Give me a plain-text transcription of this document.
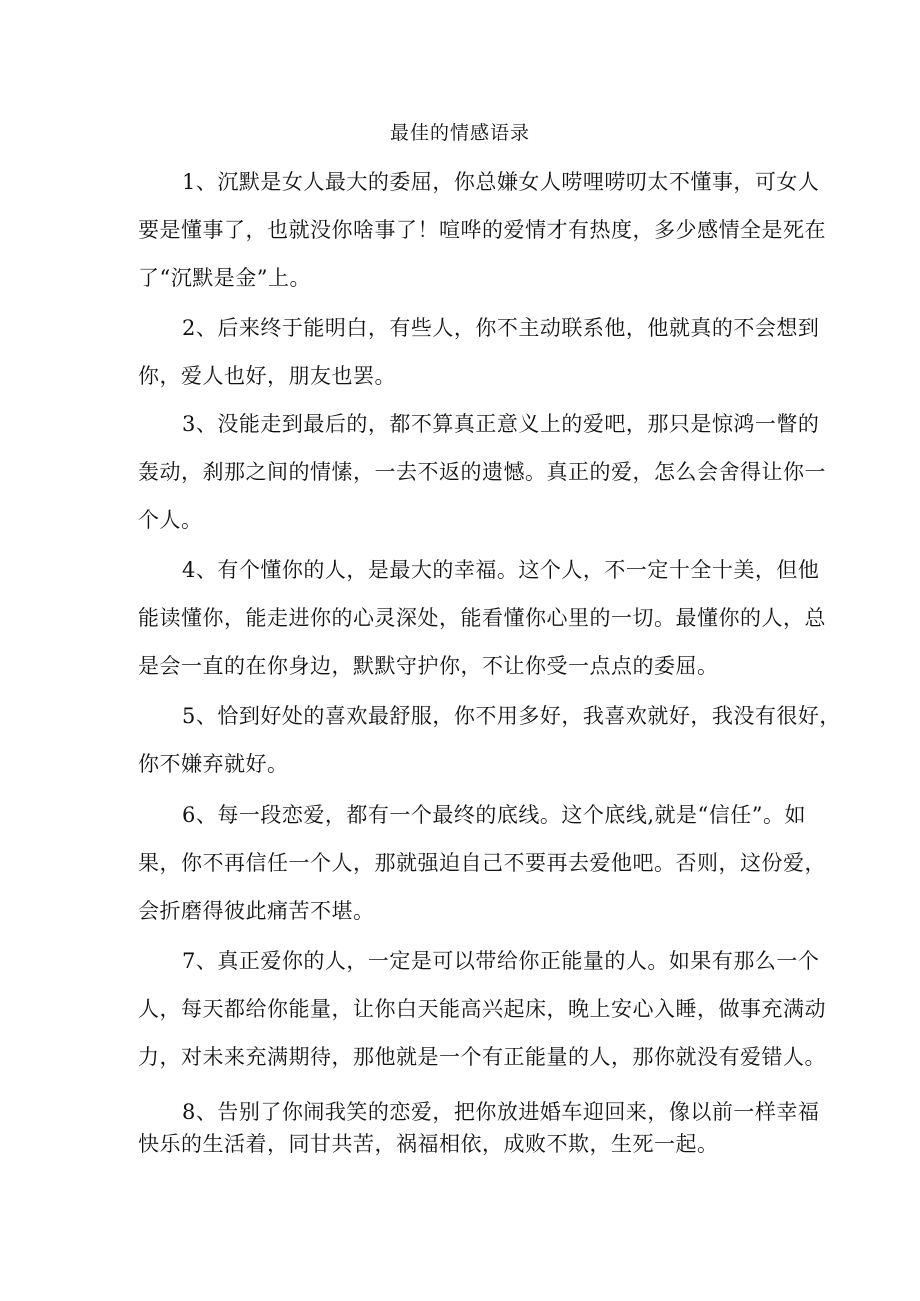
最佳的情感语录
1、沉默是女人最大的委屈，你总嫌女人唠哩唠叨太不懂事，可女人
要是懂事了，也就没你啥事了！喧哗的爱情才有热度，多少感情全是死在
了“沉默是金”上。
2、后来终于能明白，有些人，你不主动联系他，他就真的不会想到
你，爱人也好，朋友也罢。
3、没能走到最后的，都不算真正意义上的爱吧，那只是惊鸿一瞥的
轰动，刹那之间的情愫，一去不返的遗憾。真正的爱，怎么会舍得让你一
个人。
4、有个懂你的人，是最大的幸福。这个人，不一定十全十美，但他
能读懂你，能走进你的心灵深处，能看懂你心里的一切。最懂你的人，总
是会一直的在你身边，默默守护你，不让你受一点点的委屈。
5、恰到好处的喜欢最舒服，你不用多好，我喜欢就好，我没有很好，
你不嫌弃就好。
6、每一段恋爱，都有一个最终的底线。这个底线,就是“信任”。如
果，你不再信任一个人，那就强迫自己不要再去爱他吧。否则，这份爱，
会折磨得彼此痛苦不堪。
7、真正爱你的人，一定是可以带给你正能量的人。如果有那么一个
人，每天都给你能量，让你白天能高兴起床，晚上安心入睡，做事充满动
力，对未来充满期待，那他就是一个有正能量的人，那你就没有爱错人。
8、告别了你闹我笑的恋爱，把你放进婚车迎回来，像以前一样幸福
快乐的生活着，同甘共苦，祸福相依，成败不欺，生死一起。
